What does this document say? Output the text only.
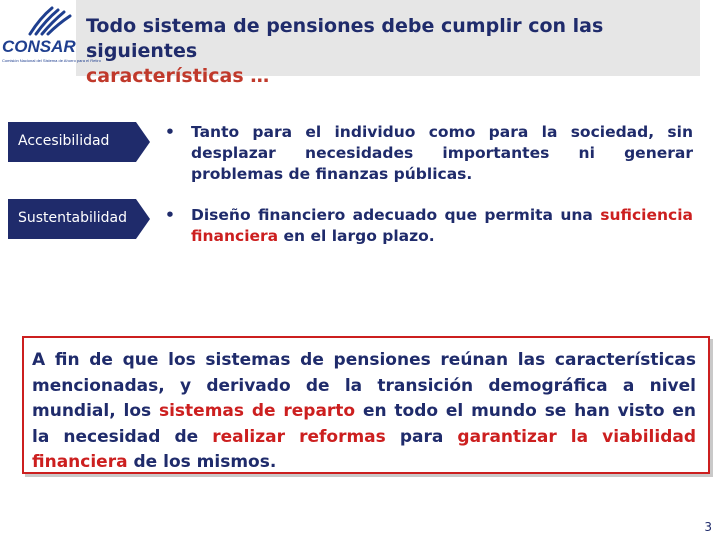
CONSAR
Comisión Nacional del Sistema de Ahorro para el Retiro
Todo sistema de pensiones debe cumplir con las siguientes
características …
Accesibilidad	• Tanto para el individuo como para la sociedad, sin desplazar necesidades importantes ni generar problemas de finanzas públicas.
Sustentabilidad • Diseño financiero adecuado que permita una suficiencia financiera en el largo plazo.

A fin de que los sistemas de pensiones reúnan las características mencionadas, y derivado de la transición demográfica a nivel mundial, los sistemas de reparto en todo el mundo se han visto en la necesidad de realizar reformas para garantizar la viabilidad financiera de los mismos.

3
